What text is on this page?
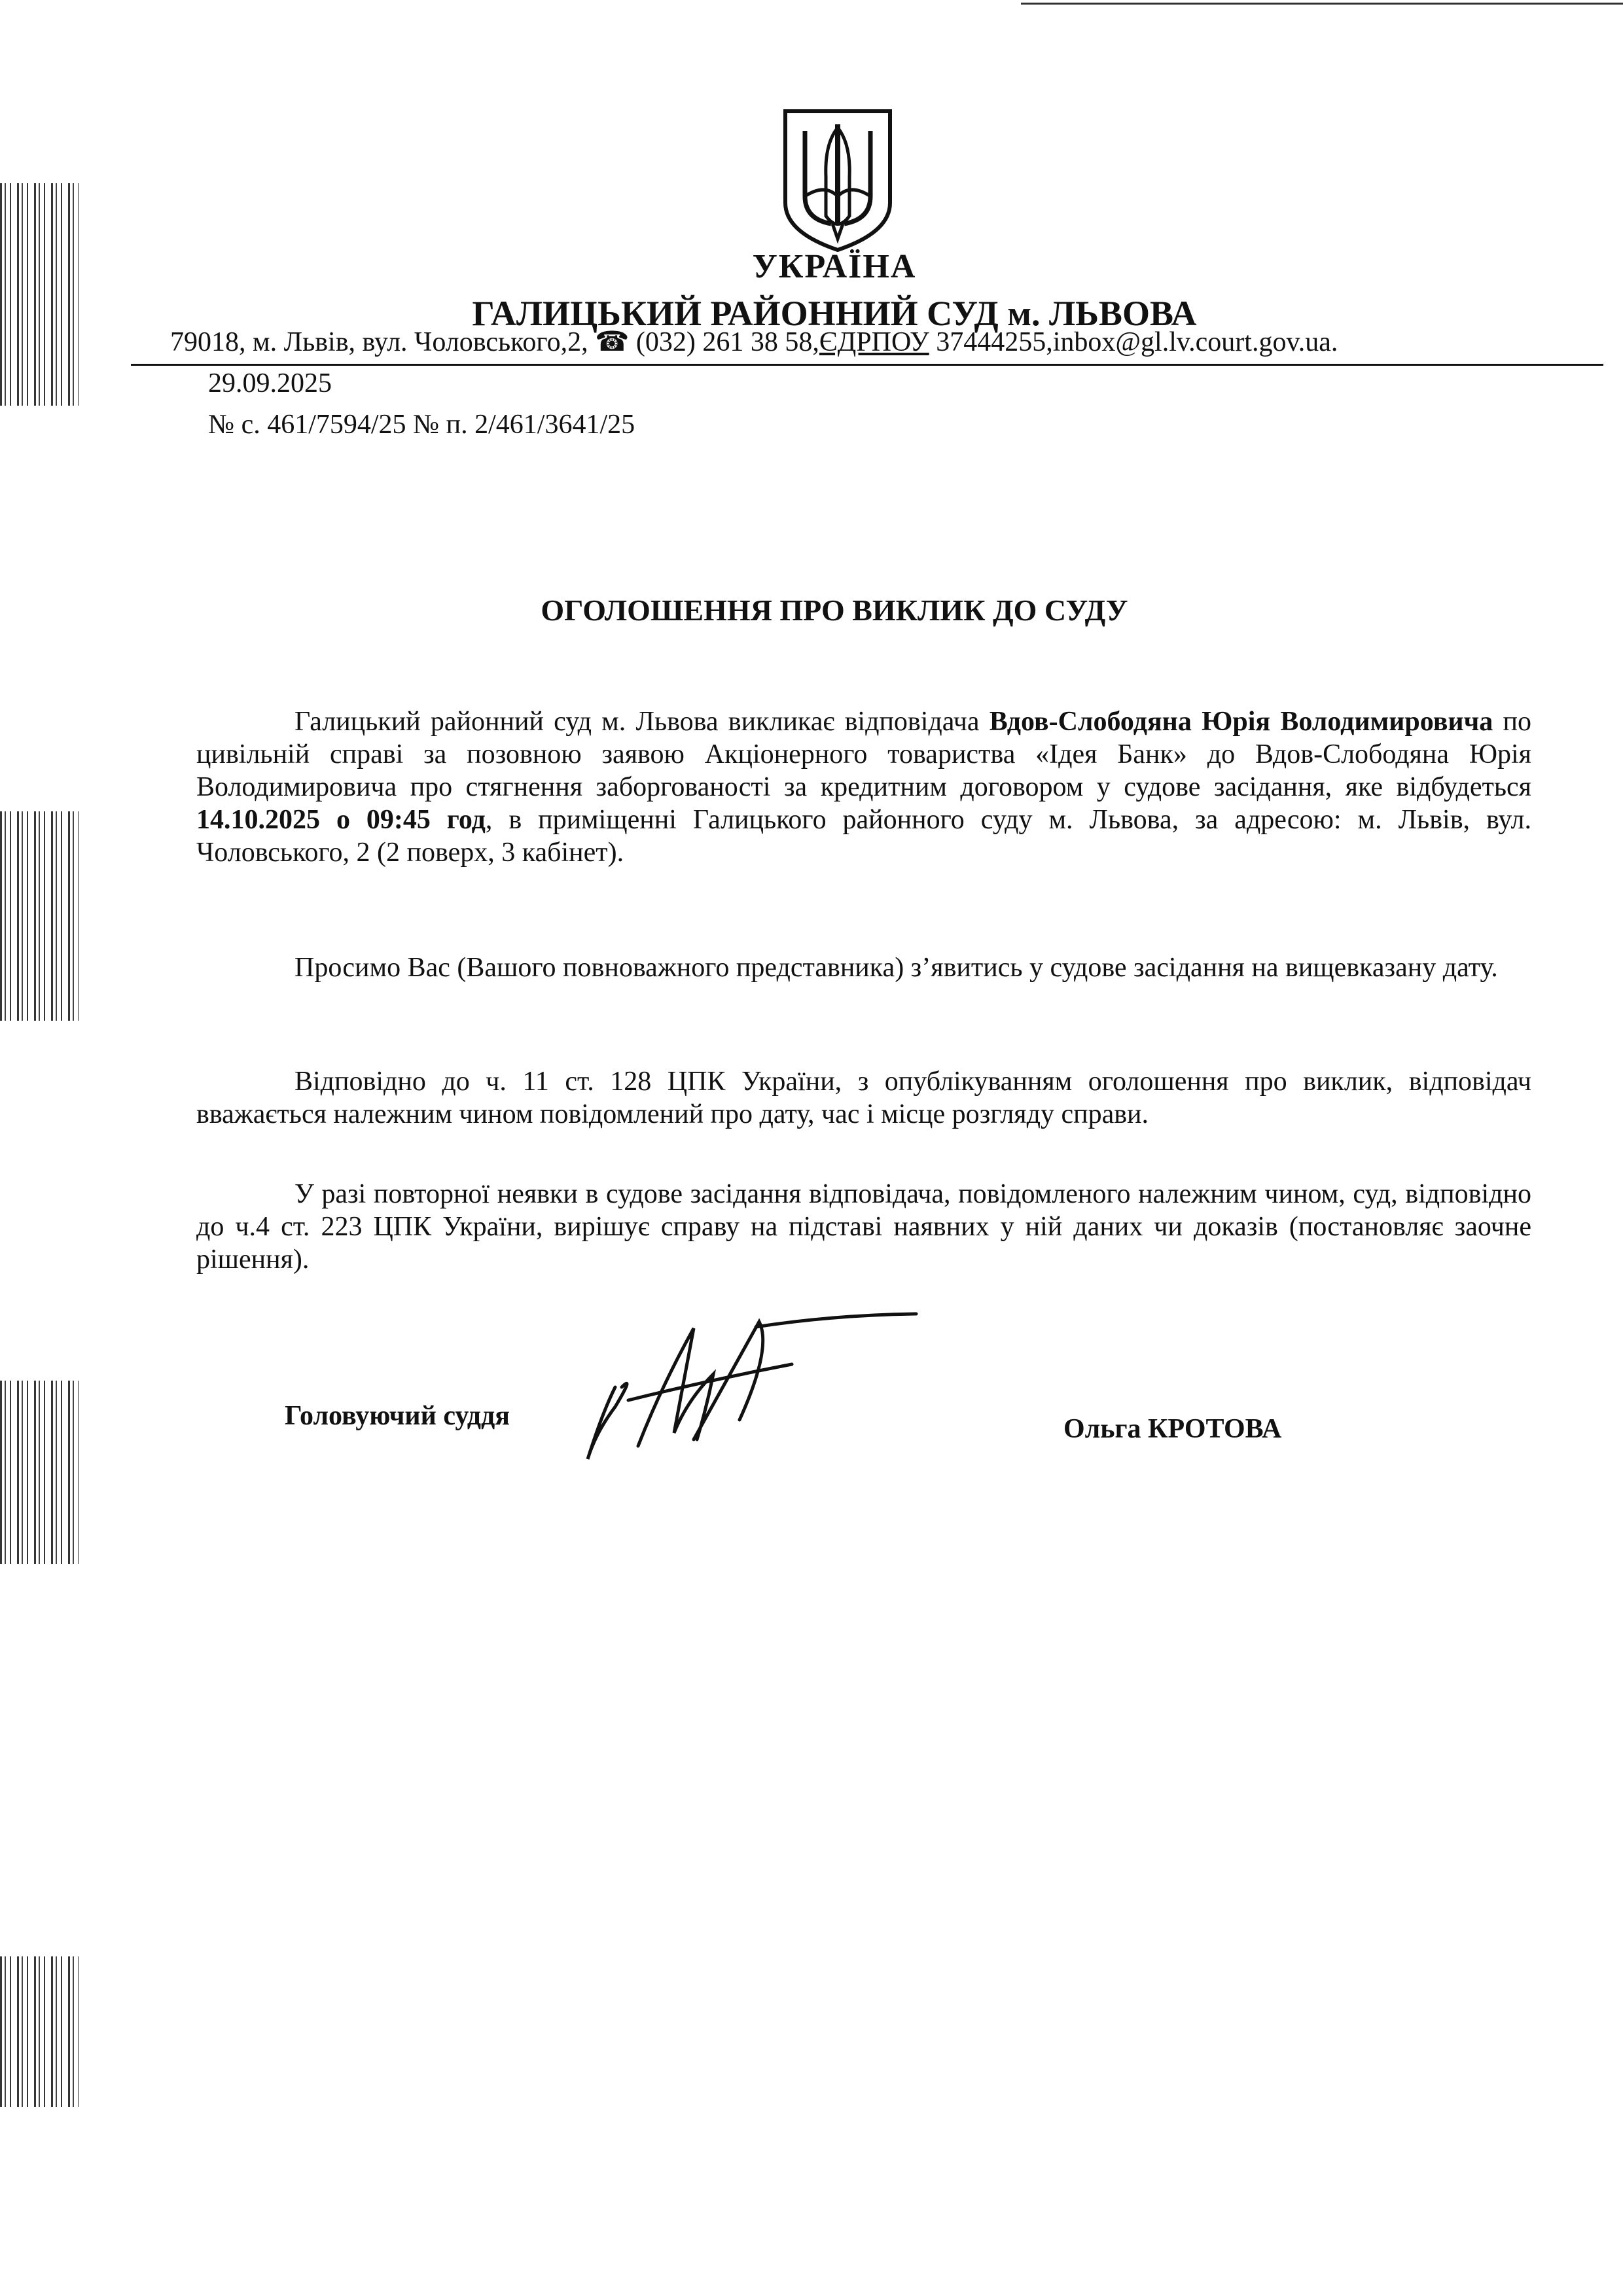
УКРАЇНА
ГАЛИЦЬКИЙ РАЙОННИЙ СУД м. ЛЬВОВА
79018, м. Львів, вул. Чоловського,2, ☎ (032) 261 38 58,ЄДРПОУ 37444255,inbox@gl.lv.court.gov.ua.
29.09.2025
№ с. 461/7594/25 № п. 2/461/3641/25
ОГОЛОШЕННЯ ПРО ВИКЛИК ДО СУДУ

Галицький районний суд м. Львова викликає відповідача Вдов-Слободяна Юрія Володимировича по цивільній справі за позовною заявою Акціонерного товариства «Ідея Банк» до Вдов-Слободяна Юрія Володимировича про стягнення заборгованості за кредитним договором у судове засідання, яке відбудеться 14.10.2025 о 09:45 год, в приміщенні Галицького районного суду м. Львова, за адресою: м. Львів, вул. Чоловського, 2 (2 поверх, 3 кабінет).

Просимо Вас (Вашого повноважного представника) з’явитись у судове засідання на вищевказану дату.

Відповідно до ч. 11 ст. 128 ЦПК України, з опублікуванням оголошення про виклик, відповідач вважається належним чином повідомлений про дату, час і місце розгляду справи.

У разі повторної неявки в судове засідання відповідача, повідомленого належним чином, суд, відповідно до ч.4 ст. 223 ЦПК України, вирішує справу на підставі наявних у ній даних чи доказів (постановляє заочне рішення).

Головуючий суддя	Ольга КРОТОВА
